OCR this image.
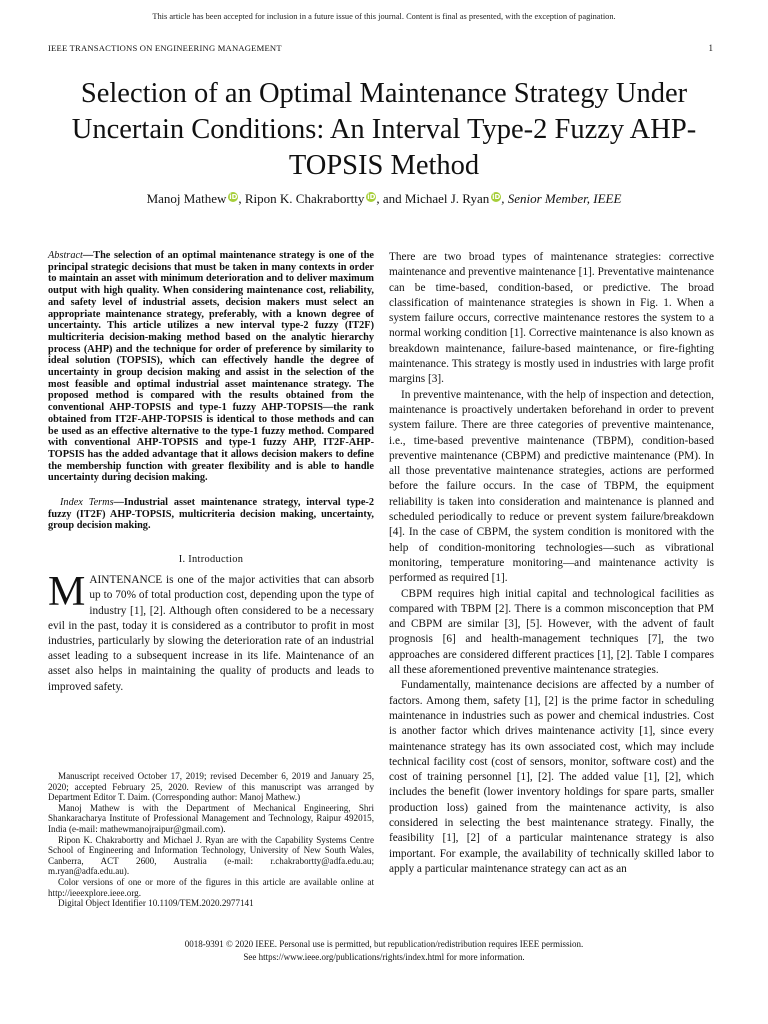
This article has been accepted for inclusion in a future issue of this journal. Content is final as presented, with the exception of pagination.
IEEE TRANSACTIONS ON ENGINEERING MANAGEMENT	1
Selection of an Optimal Maintenance Strategy Under Uncertain Conditions: An Interval Type-2 Fuzzy AHP-TOPSIS Method
Manoj Mathew iD, Ripon K. Chakrabortty iD, and Michael J. Ryan iD, Senior Member, IEEE

Abstract—The selection of an optimal maintenance strategy is one of the principal strategic decisions that must be taken in many contexts in order to maintain an asset with minimum deterioration and to deliver maximum output with high quality. When considering maintenance cost, reliability, and safety level of industrial assets, decision makers must select an appropriate maintenance strategy, preferably, with a known degree of uncertainty. This article utilizes a new interval type-2 fuzzy (IT2F) multicriteria decision-making method based on the analytic hierarchy process (AHP) and the technique for order of preference by similarity to ideal solution (TOPSIS), which can effectively handle the degree of uncertainty in group decision making and assist in the selection of the most feasible and optimal industrial asset maintenance strategy. The proposed method is compared with the results obtained from the conventional AHP-TOPSIS and type-1 fuzzy AHP-TOPSIS—the rank obtained from IT2F-AHP-TOPSIS is identical to those methods and can be used as an effective alternative to the type-1 fuzzy method. Compared with conventional AHP-TOPSIS and type-1 fuzzy AHP, IT2F-AHP-TOPSIS has the added advantage that it allows decision makers to define the membership function with greater flexibility and is able to handle uncertainty during decision making.

Index Terms—Industrial asset maintenance strategy, interval type-2 fuzzy (IT2F) AHP-TOPSIS, multicriteria decision making, uncertainty, group decision making.

I. Introduction

MAINTENANCE is one of the major activities that can absorb up to 70% of total production cost, depending upon the type of industry [1], [2]. Although often considered to be a necessary evil in the past, today it is considered as a contributor to profit in most industries, particularly by slowing the deterioration rate of an industrial asset leading to a subsequent increase in its life. Maintenance of an asset also helps in maintaining the quality of products and leads to improved safety.

Manuscript received October 17, 2019; revised December 6, 2019 and January 25, 2020; accepted February 25, 2020. Review of this manuscript was arranged by Department Editor T. Daim. (Corresponding author: Manoj Mathew.)

Manoj Mathew is with the Department of Mechanical Engineering, Shri Shankaracharya Institute of Professional Management and Technology, Raipur 492015, India (e-mail: mathewmanojraipur@gmail.com).

Ripon K. Chakrabortty and Michael J. Ryan are with the Capability Systems Centre School of Engineering and Information Technology, University of New South Wales, Canberra, ACT 2600, Australia (e-mail: r.chakrabortty@adfa.edu.au; m.ryan@adfa.edu.au).

Color versions of one or more of the figures in this article are available online at http://ieeexplore.ieee.org.

Digital Object Identifier 10.1109/TEM.2020.2977141

There are two broad types of maintenance strategies: corrective maintenance and preventive maintenance [1]. Preventative maintenance can be time-based, condition-based, or predictive. The broad classification of maintenance strategies is shown in Fig. 1. When a system failure occurs, corrective maintenance restores the system to a normal working condition [1]. Corrective maintenance is also known as breakdown maintenance, failure-based maintenance, or fire-fighting maintenance. This strategy is mostly used in industries with large profit margins [3].

In preventive maintenance, with the help of inspection and detection, maintenance is proactively undertaken beforehand in order to prevent system failure. There are three categories of preventive maintenance, i.e., time-based preventive maintenance (TBPM), condition-based preventive maintenance (CBPM) and predictive maintenance (PM). In all those preventative maintenance strategies, actions are performed before the failure occurs. In the case of TBPM, the equipment reliability is taken into consideration and maintenance is planned and scheduled periodically to reduce or prevent system failure/breakdown [4]. In the case of CBPM, the system condition is monitored with the help of condition-monitoring technologies—such as vibrational monitoring, temperature monitoring—and maintenance activity is performed as required [1].

CBPM requires high initial capital and technological facilities as compared with TBPM [2]. There is a common misconception that PM and CBPM are similar [3], [5]. However, with the advent of fault prognosis [6] and health-management techniques [7], the two approaches are considered different practices [1], [2]. Table I compares all these aforementioned preventive maintenance strategies.

Fundamentally, maintenance decisions are affected by a number of factors. Among them, safety [1], [2] is the prime factor in scheduling maintenance in industries such as power and chemical industries. Cost is another factor which drives maintenance activity [1], since every maintenance strategy has its own associated cost, which may include technical facility cost (cost of sensors, monitor, software cost) and the cost of training personnel [1], [2]. The added value [1], [2], which includes the benefit (lower inventory holdings for spare parts, smaller production loss) gained from the maintenance activity, is also considered in selecting the best maintenance strategy. Finally, the feasibility [1], [2] of a particular maintenance strategy is also important. For example, the availability of technically skilled labor to apply a particular maintenance strategy can act as an

0018-9391 © 2020 IEEE. Personal use is permitted, but republication/redistribution requires IEEE permission.
See https://www.ieee.org/publications/rights/index.html for more information.
